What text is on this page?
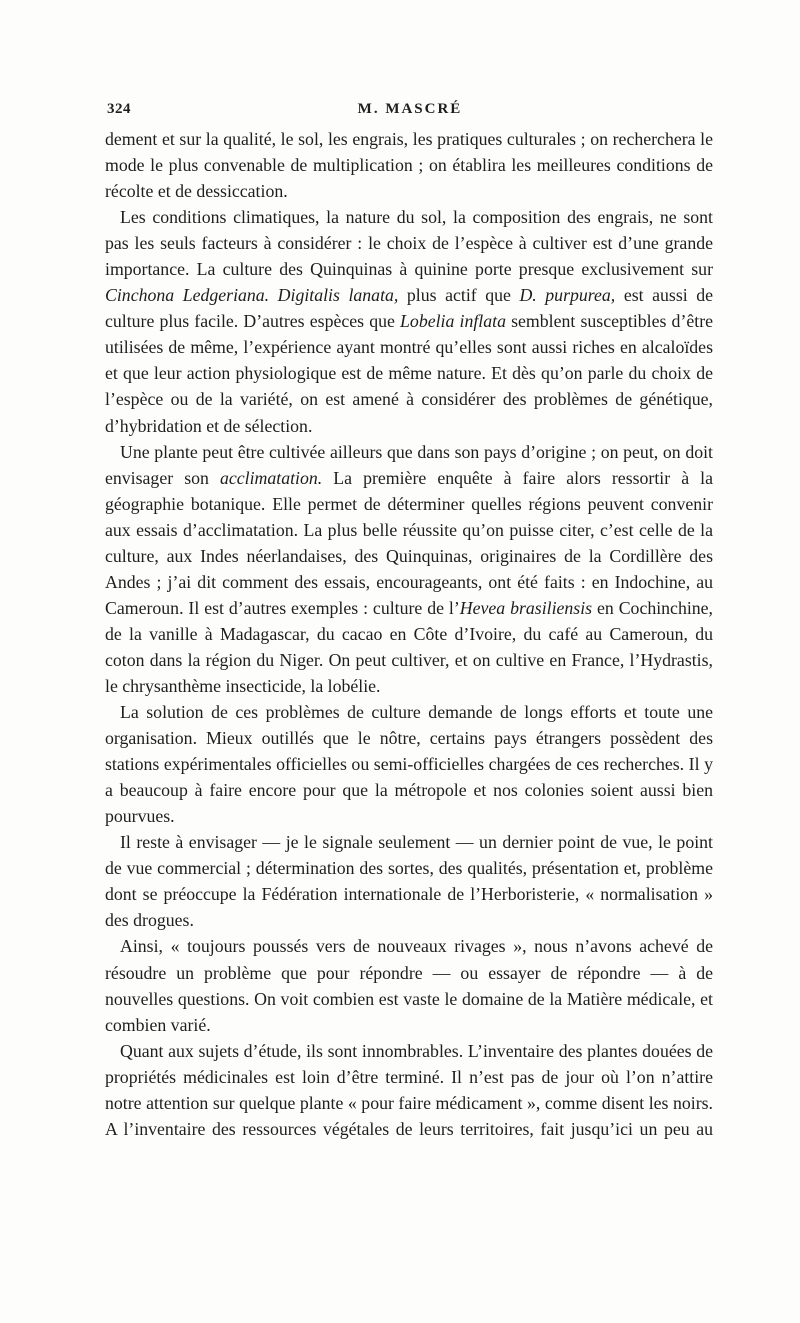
324	M. MASCRÉ

dement et sur la qualité, le sol, les engrais, les pratiques culturales ; on recherchera le mode le plus convenable de multiplication ; on établira les meilleures conditions de récolte et de dessiccation.

Les conditions climatiques, la nature du sol, la composition des engrais, ne sont pas les seuls facteurs à considérer : le choix de l’espèce à cultiver est d’une grande importance. La culture des Quinquinas à quinine porte presque exclusivement sur Cinchona Ledgeriana. Digitalis lanata, plus actif que D. purpurea, est aussi de culture plus facile. D’autres espèces que Lobelia inflata semblent susceptibles d’être utilisées de même, l’expérience ayant montré qu’elles sont aussi riches en alcaloïdes et que leur action physiologique est de même nature. Et dès qu’on parle du choix de l’espèce ou de la variété, on est amené à considérer des problèmes de génétique, d’hybridation et de sélection.

Une plante peut être cultivée ailleurs que dans son pays d’origine ; on peut, on doit envisager son acclimatation. La première enquête à faire alors ressortir à la géographie botanique. Elle permet de déterminer quelles régions peuvent convenir aux essais d’acclimatation. La plus belle réussite qu’on puisse citer, c’est celle de la culture, aux Indes néerlandaises, des Quinquinas, originaires de la Cordillère des Andes ; j’ai dit comment des essais, encourageants, ont été faits : en Indochine, au Cameroun. Il est d’autres exemples : culture de l’Hevea brasiliensis en Cochinchine, de la vanille à Madagascar, du cacao en Côte d’Ivoire, du café au Cameroun, du coton dans la région du Niger. On peut cultiver, et on cultive en France, l’Hydrastis, le chrysanthème insecticide, la lobélie.

La solution de ces problèmes de culture demande de longs efforts et toute une organisation. Mieux outillés que le nôtre, certains pays étrangers possèdent des stations expérimentales officielles ou semi-officielles chargées de ces recherches. Il y a beaucoup à faire encore pour que la métropole et nos colonies soient aussi bien pourvues.

Il reste à envisager — je le signale seulement — un dernier point de vue, le point de vue commercial ; détermination des sortes, des qualités, présentation et, problème dont se préoccupe la Fédération internationale de l’Herboristerie, « normalisation » des drogues.

Ainsi, « toujours poussés vers de nouveaux rivages », nous n’avons achevé de résoudre un problème que pour répondre — ou essayer de répondre — à de nouvelles questions. On voit combien est vaste le domaine de la Matière médicale, et combien varié.

Quant aux sujets d’étude, ils sont innombrables. L’inventaire des plantes douées de propriétés médicinales est loin d’être terminé. Il n’est pas de jour où l’on n’attire notre attention sur quelque plante « pour faire médicament », comme disent les noirs. A l’inventaire des ressources végétales de leurs territoires, fait jusqu’ici un peu au
